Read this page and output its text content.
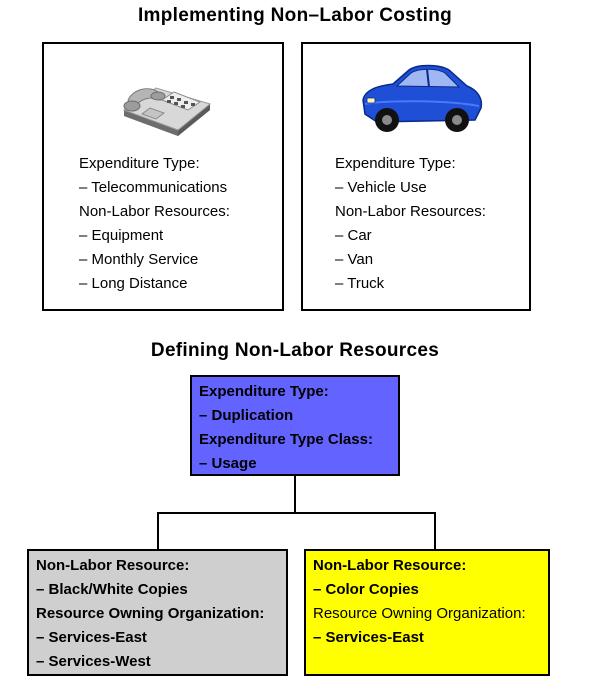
Implementing Non–Labor Costing
Expenditure Type:
– Telecommunications
Non-Labor Resources:
– Equipment
– Monthly Service
– Long Distance
Expenditure Type:
– Vehicle Use
Non-Labor Resources:
– Car
– Van
– Truck
Defining Non-Labor Resources
Expenditure Type:
– Duplication
Expenditure Type Class:
– Usage
Non-Labor Resource:
– Black/White Copies
Resource Owning Organization:
– Services-East
– Services-West
Non-Labor Resource:
– Color Copies
Resource Owning Organization:
– Services-East
